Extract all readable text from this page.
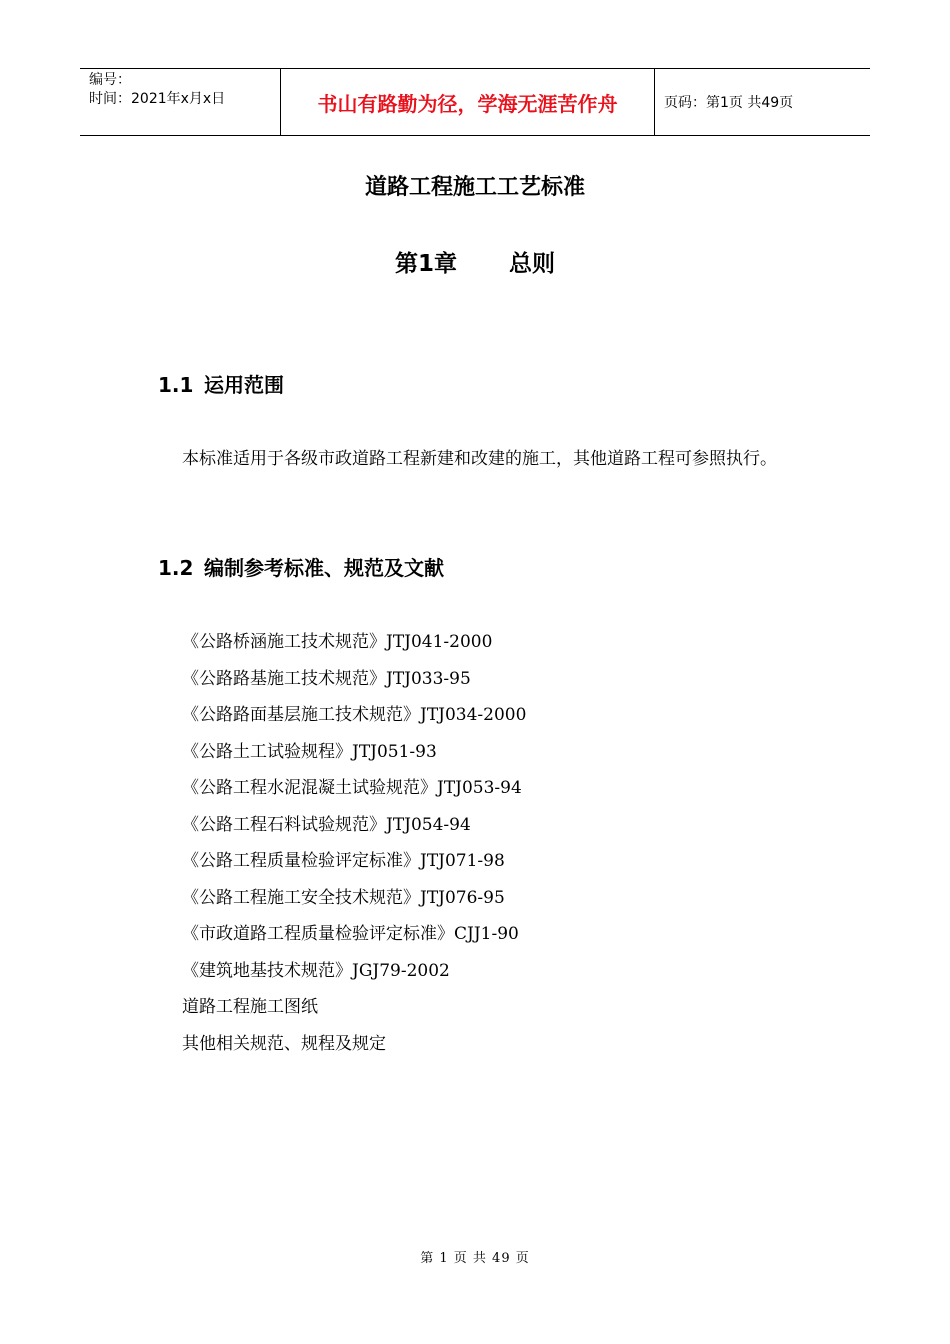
编号：
时间：2021年x月x日	书山有路勤为径，学海无涯苦作舟	页码：第1页 共49页
道路工程施工工艺标准
第1章 总则
1.1 运用范围
本标准适用于各级市政道路工程新建和改建的施工，其他道路工程可参照执行。
1.2 编制参考标准、规范及文献
《公路桥涵施工技术规范》JTJ041-2000
《公路路基施工技术规范》JTJ033-95
《公路路面基层施工技术规范》JTJ034-2000
《公路土工试验规程》JTJ051-93
《公路工程水泥混凝土试验规范》JTJ053-94
《公路工程石料试验规范》JTJ054-94
《公路工程质量检验评定标准》JTJ071-98
《公路工程施工安全技术规范》JTJ076-95
《市政道路工程质量检验评定标准》CJJ1-90
《建筑地基技术规范》JGJ79-2002
道路工程施工图纸
其他相关规范、规程及规定
第 1 页 共 49 页
